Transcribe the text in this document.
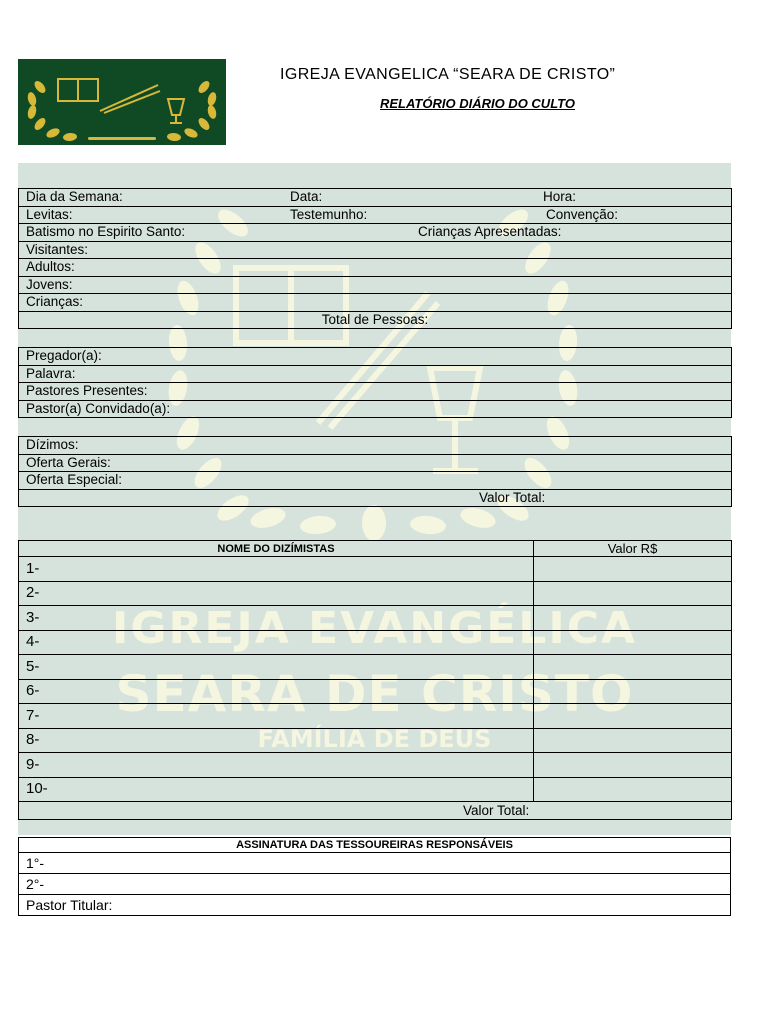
IGREJA EVANGELICA “SEARA DE CRISTO”
RELATÓRIO DIÁRIO DO CULTO
IGREJA EVANGÉLICA
SEARA DE CRISTO
FAMÍLIA DE DEUS
Dia da Semana:	Data:	Hora:

Levitas:	Testemunho:	Convenção:

Batismo no Espirito Santo:	Crianças Apresentadas:

Visitantes:
Adultos:
Jovens:
Crianças:
Total de Pessoas:
Pregador(a):
Palavra:
Pastores Presentes:
Pastor(a) Convidado(a):
Dízimos:
Oferta Gerais:
Oferta Especial:
Valor Total:
NOME DO DIZÍMISTAS	Valor R$
1-	
2-	
3-	
4-	
5-	
6-	
7-	
8-	
9-	
10-	
Valor Total:	
ASSINATURA DAS TESSOUREIRAS RESPONSÁVEIS
1°-
2°-
Pastor Titular:
